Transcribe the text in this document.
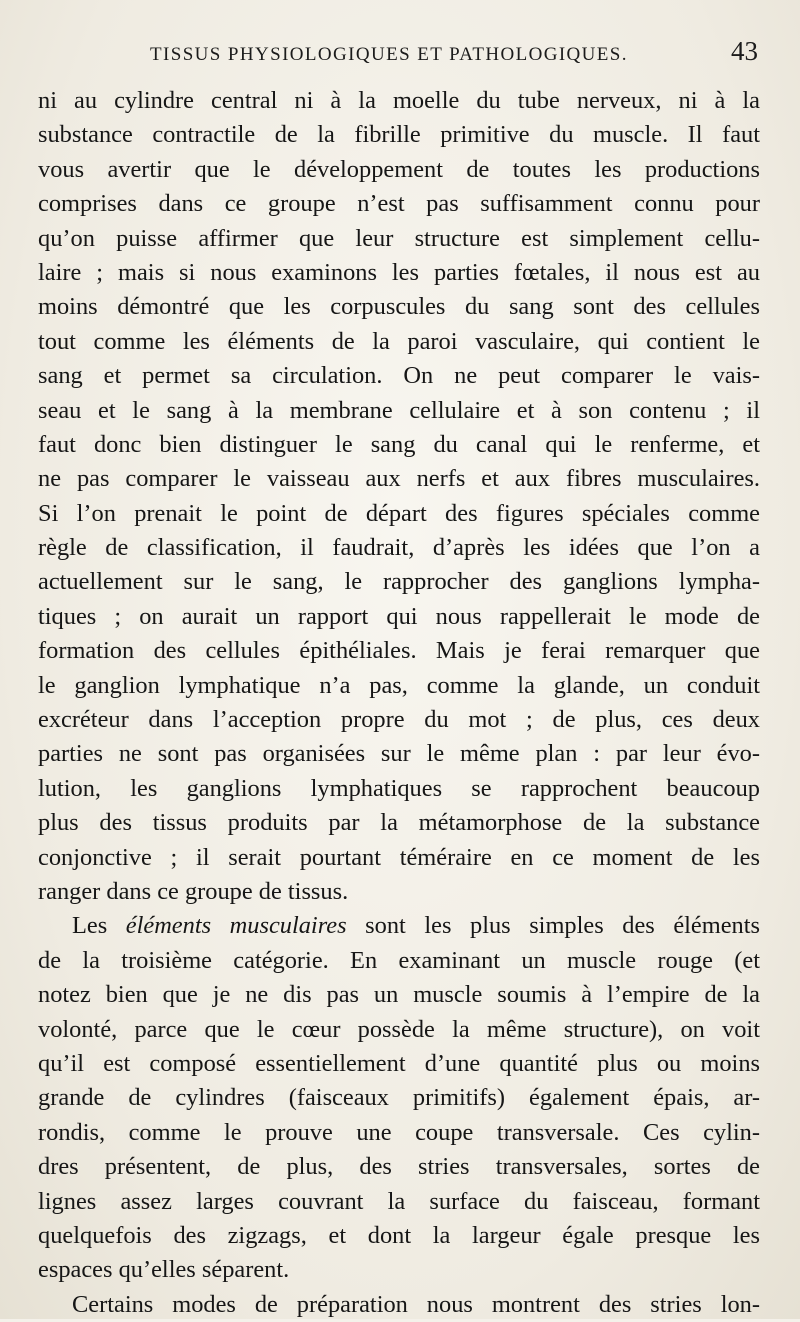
TISSUS PHYSIOLOGIQUES ET PATHOLOGIQUES.	43
ni au cylindre central ni à la moelle du tube nerveux, ni à la
substance contractile de la fibrille primitive du muscle. Il faut
vous avertir que le développement de toutes les productions
comprises dans ce groupe n’est pas suffisamment connu pour
qu’on puisse affirmer que leur structure est simplement cellu-
laire ; mais si nous examinons les parties fœtales, il nous est au
moins démontré que les corpuscules du sang sont des cellules
tout comme les éléments de la paroi vasculaire, qui contient le
sang et permet sa circulation. On ne peut comparer le vais-
seau et le sang à la membrane cellulaire et à son contenu ; il
faut donc bien distinguer le sang du canal qui le renferme, et
ne pas comparer le vaisseau aux nerfs et aux fibres musculaires.
Si l’on prenait le point de départ des figures spéciales comme
règle de classification, il faudrait, d’après les idées que l’on a
actuellement sur le sang, le rapprocher des ganglions lympha-
tiques ; on aurait un rapport qui nous rappellerait le mode de
formation des cellules épithéliales. Mais je ferai remarquer que
le ganglion lymphatique n’a pas, comme la glande, un conduit
excréteur dans l’acception propre du mot ; de plus, ces deux
parties ne sont pas organisées sur le même plan : par leur évo-
lution, les ganglions lymphatiques se rapprochent beaucoup
plus des tissus produits par la métamorphose de la substance
conjonctive ; il serait pourtant téméraire en ce moment de les
ranger dans ce groupe de tissus.
Les éléments musculaires sont les plus simples des éléments
de la troisième catégorie. En examinant un muscle rouge (et
notez bien que je ne dis pas un muscle soumis à l’empire de la
volonté, parce que le cœur possède la même structure), on voit
qu’il est composé essentiellement d’une quantité plus ou moins
grande de cylindres (faisceaux primitifs) également épais, ar-
rondis, comme le prouve une coupe transversale. Ces cylin-
dres présentent, de plus, des stries transversales, sortes de
lignes assez larges couvrant la surface du faisceau, formant
quelquefois des zigzags, et dont la largeur égale presque les
espaces qu’elles séparent.
Certains modes de préparation nous montrent des stries lon-
